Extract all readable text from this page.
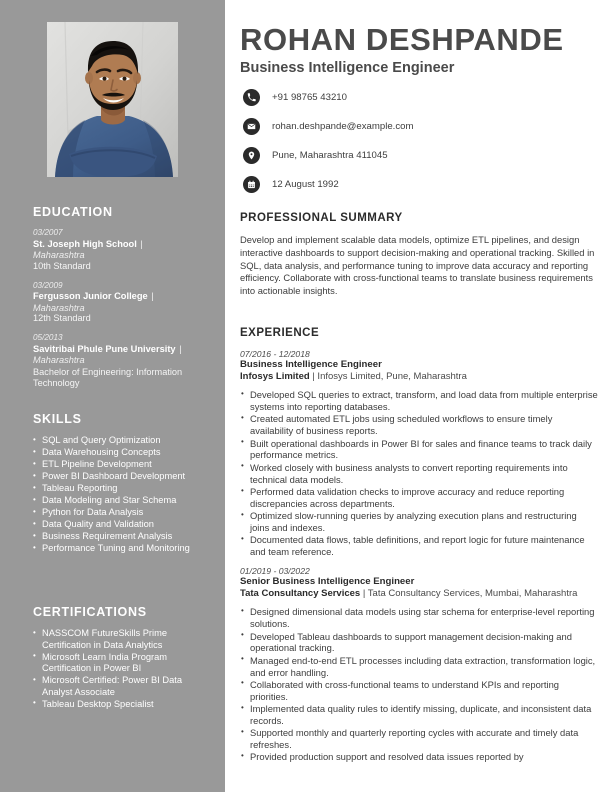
EDUCATION
03/2007
St. Joseph High School |
Maharashtra
10th Standard
03/2009
Fergusson Junior College |
Maharashtra
12th Standard
05/2013
Savitribai Phule Pune University | Maharashtra
Bachelor of Engineering: Information Technology
SKILLS
• SQL and Query Optimization
• Data Warehousing Concepts
• ETL Pipeline Development
• Power BI Dashboard Development
• Tableau Reporting
• Data Modeling and Star Schema
• Python for Data Analysis
• Data Quality and Validation
• Business Requirement Analysis
• Performance Tuning and Monitoring
CERTIFICATIONS
• NASSCOM FutureSkills Prime Certification in Data Analytics
• Microsoft Learn India Program Certification in Power BI
• Microsoft Certified: Power BI Data Analyst Associate
• Tableau Desktop Specialist
ROHAN DESHPANDE
Business Intelligence Engineer
+91 98765 43210
rohan.deshpande@example.com
Pune, Maharashtra 411045
12 August 1992
PROFESSIONAL SUMMARY
Develop and implement scalable data models, optimize ETL pipelines, and design interactive dashboards to support decision-making and operational tracking. Skilled in SQL, data analysis, and performance tuning to improve data accuracy and reporting efficiency. Collaborate with cross-functional teams to translate business requirements into actionable insights.
EXPERIENCE
07/2016 - 12/2018
Business Intelligence Engineer
Infosys Limited | Infosys Limited, Pune, Maharashtra
• Developed SQL queries to extract, transform, and load data from multiple enterprise systems into reporting databases.
• Created automated ETL jobs using scheduled workflows to ensure timely availability of business reports.
• Built operational dashboards in Power BI for sales and finance teams to track daily performance metrics.
• Worked closely with business analysts to convert reporting requirements into technical data models.
• Performed data validation checks to improve accuracy and reduce reporting discrepancies across departments.
• Optimized slow-running queries by analyzing execution plans and restructuring joins and indexes.
• Documented data flows, table definitions, and report logic for future maintenance and team reference.
01/2019 - 03/2022
Senior Business Intelligence Engineer
Tata Consultancy Services | Tata Consultancy Services, Mumbai, Maharashtra
• Designed dimensional data models using star schema for enterprise-level reporting solutions.
• Developed Tableau dashboards to support management decision-making and operational tracking.
• Managed end-to-end ETL processes including data extraction, transformation logic, and error handling.
• Collaborated with cross-functional teams to understand KPIs and reporting priorities.
• Implemented data quality rules to identify missing, duplicate, and inconsistent data records.
• Supported monthly and quarterly reporting cycles with accurate and timely data refreshes.
• Provided production support and resolved data issues reported by
